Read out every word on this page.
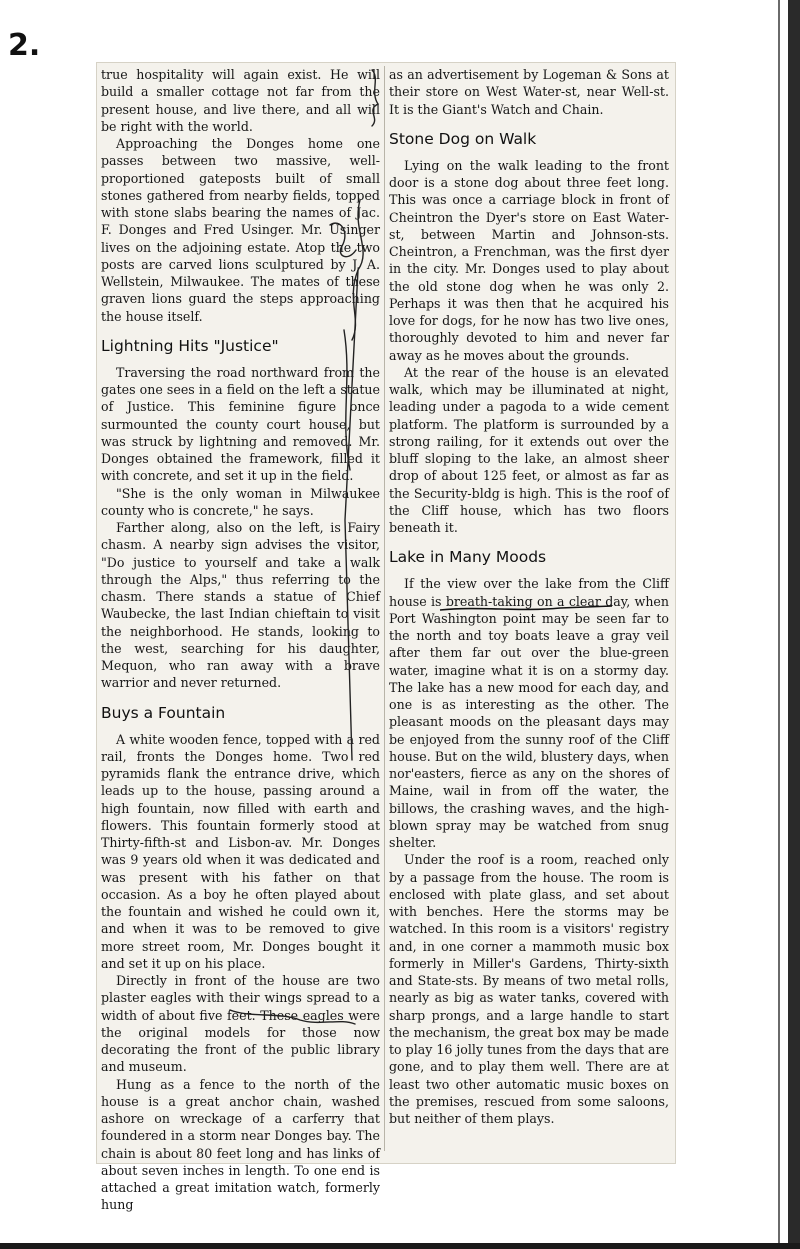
2.

true hospitality will again exist. He will build a smaller cottage not far from the present house, and live there, and all will be right with the world.

Approaching the Donges home one passes between two massive, well-proportioned gateposts built of small stones gathered from nearby fields, topped with stone slabs bearing the names of Jac. F. Donges and Fred Usinger. Mr. Usinger lives on the adjoining estate. Atop the two posts are carved lions sculptured by J. A. Wellstein, Milwaukee. The mates of these graven lions guard the steps approaching the house itself.

Lightning Hits "Justice"

Traversing the road northward from the gates one sees in a field on the left a statue of Justice. This feminine figure once surmounted the county court house, but was struck by lightning and removed. Mr. Donges obtained the framework, filled it with concrete, and set it up in the field.

"She is the only woman in Milwaukee county who is concrete," he says.

Farther along, also on the left, is Fairy chasm. A nearby sign advises the visitor, "Do justice to yourself and take a walk through the Alps," thus referring to the chasm. There stands a statue of Chief Waubecke, the last Indian chieftain to visit the neighborhood. He stands, looking to the west, searching for his daughter, Mequon, who ran away with a brave warrior and never returned.

Buys a Fountain

A white wooden fence, topped with a red rail, fronts the Donges home. Two red pyramids flank the entrance drive, which leads up to the house, passing around a high fountain, now filled with earth and flowers. This fountain formerly stood at Thirty-fifth-st and Lisbon-av. Mr. Donges was 9 years old when it was dedicated and was present with his father on that occasion. As a boy he often played about the fountain and wished he could own it, and when it was to be removed to give more street room, Mr. Donges bought it and set it up on his place.

Directly in front of the house are two plaster eagles with their wings spread to a width of about five feet. These eagles were the original models for those now decorating the front of the public library and museum.

Hung as a fence to the north of the house is a great anchor chain, washed ashore on wreckage of a carferry that foundered in a storm near Donges bay. The chain is about 80 feet long and has links of about seven inches in length. To one end is attached a great imitation watch, formerly hung

as an advertisement by Logeman & Sons at their store on West Water-st, near Well-st. It is the Giant's Watch and Chain.

Stone Dog on Walk

Lying on the walk leading to the front door is a stone dog about three feet long. This was once a carriage block in front of Cheintron the Dyer's store on East Water-st, between Martin and Johnson-sts. Cheintron, a Frenchman, was the first dyer in the city. Mr. Donges used to play about the old stone dog when he was only 2. Perhaps it was then that he acquired his love for dogs, for he now has two live ones, thoroughly devoted to him and never far away as he moves about the grounds.

At the rear of the house is an elevated walk, which may be illuminated at night, leading under a pagoda to a wide cement platform. The platform is surrounded by a strong railing, for it extends out over the bluff sloping to the lake, an almost sheer drop of about 125 feet, or almost as far as the Security-bldg is high. This is the roof of the Cliff house, which has two floors beneath it.

Lake in Many Moods

If the view over the lake from the Cliff house is breath-taking on a clear day, when Port Washington point may be seen far to the north and toy boats leave a gray veil after them far out over the blue-green water, imagine what it is on a stormy day. The lake has a new mood for each day, and one is as interesting as the other. The pleasant moods on the pleasant days may be enjoyed from the sunny roof of the Cliff house. But on the wild, blustery days, when nor'easters, fierce as any on the shores of Maine, wail in from off the water, the billows, the crashing waves, and the high-blown spray may be watched from snug shelter.

Under the roof is a room, reached only by a passage from the house. The room is enclosed with plate glass, and set about with benches. Here the storms may be watched. In this room is a visitors' registry and, in one corner a mammoth music box formerly in Miller's Gardens, Thirty-sixth and State-sts. By means of two metal rolls, nearly as big as water tanks, covered with sharp prongs, and a large handle to start the mechanism, the great box may be made to play 16 jolly tunes from the days that are gone, and to play them well. There are at least two other automatic music boxes on the premises, rescued from some saloons, but neither of them plays.
